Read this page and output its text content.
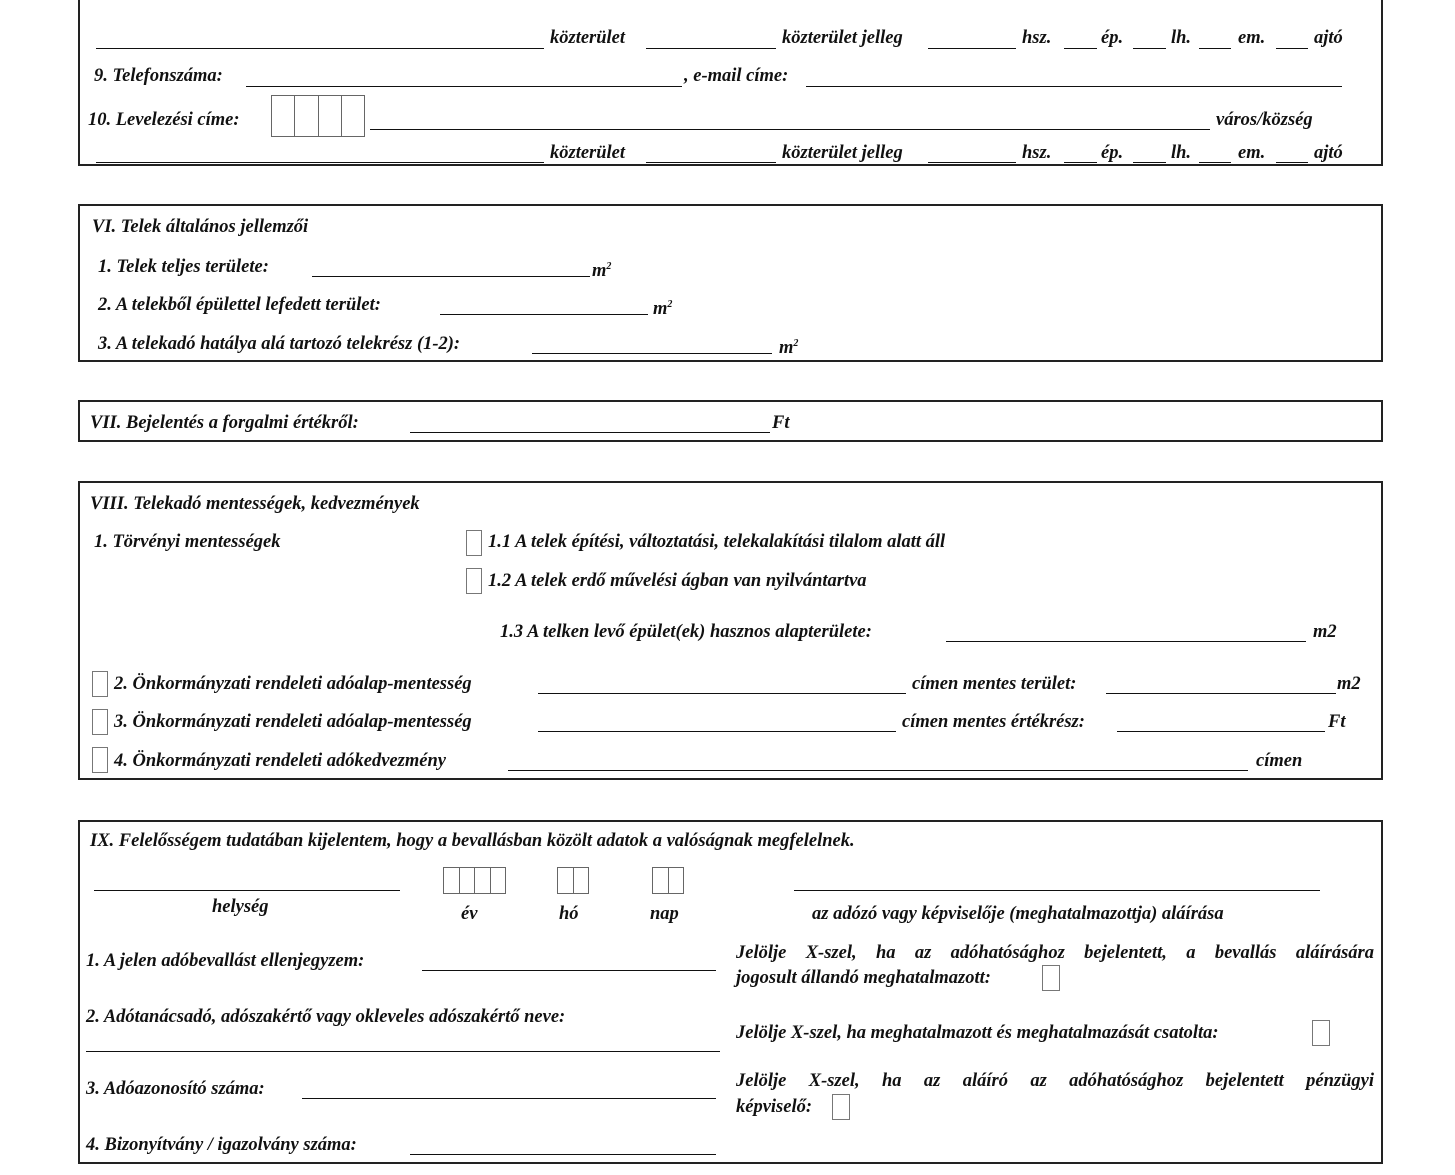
közterület	közterület jelleg	hsz.	ép.	lh.	em.	ajtó
9. Telefonszáma:	, e-mail címe:
10. Levelezési címe:	város/község
közterület	közterület jelleg	hsz.	ép.	lh.	em.	ajtó
VI. Telek általános jellemzői
1. Telek teljes területe:	$m^2$
2. A telekből épülettel lefedett terület:	$m^2$
3. A telekadó hatálya alá tartozó telekrész (1-2):	$m^2$
VII. Bejelentés a forgalmi értékről:	Ft
VIII. Telekadó mentességek, kedvezmények
1. Törvényi mentességek	1.1 A telek építési, változtatási, telekalakítási tilalom alatt áll
1.2 A telek erdő művelési ágban van nyilvántartva
1.3 A telken levő épület(ek) hasznos alapterülete:	m2
2. Önkormányzati rendeleti adóalap-mentesség	címen mentes terület:	m2
3. Önkormányzati rendeleti adóalap-mentesség	címen mentes értékrész:	Ft
4. Önkormányzati rendeleti adókedvezmény	címen
IX. Felelősségem tudatában kijelentem, hogy a bevallásban közölt adatok a valóságnak megfelelnek.
helység	év	hó	nap	az adózó vagy képviselője (meghatalmazottja) aláírása
1. A jelen adóbevallást ellenjegyzem:
2. Adótanácsadó, adószakértő vagy okleveles adószakértő neve:
3. Adóazonosító száma:
4. Bizonyítvány / igazolvány száma:
Jelölje X-szel, ha az adóhatósághoz bejelentett, a bevallás aláírására
jogosult állandó meghatalmazott:
Jelölje X-szel, ha meghatalmazott és meghatalmazását csatolta:
Jelölje X-szel, ha az aláíró az adóhatósághoz bejelentett pénzügyi
képviselő:
